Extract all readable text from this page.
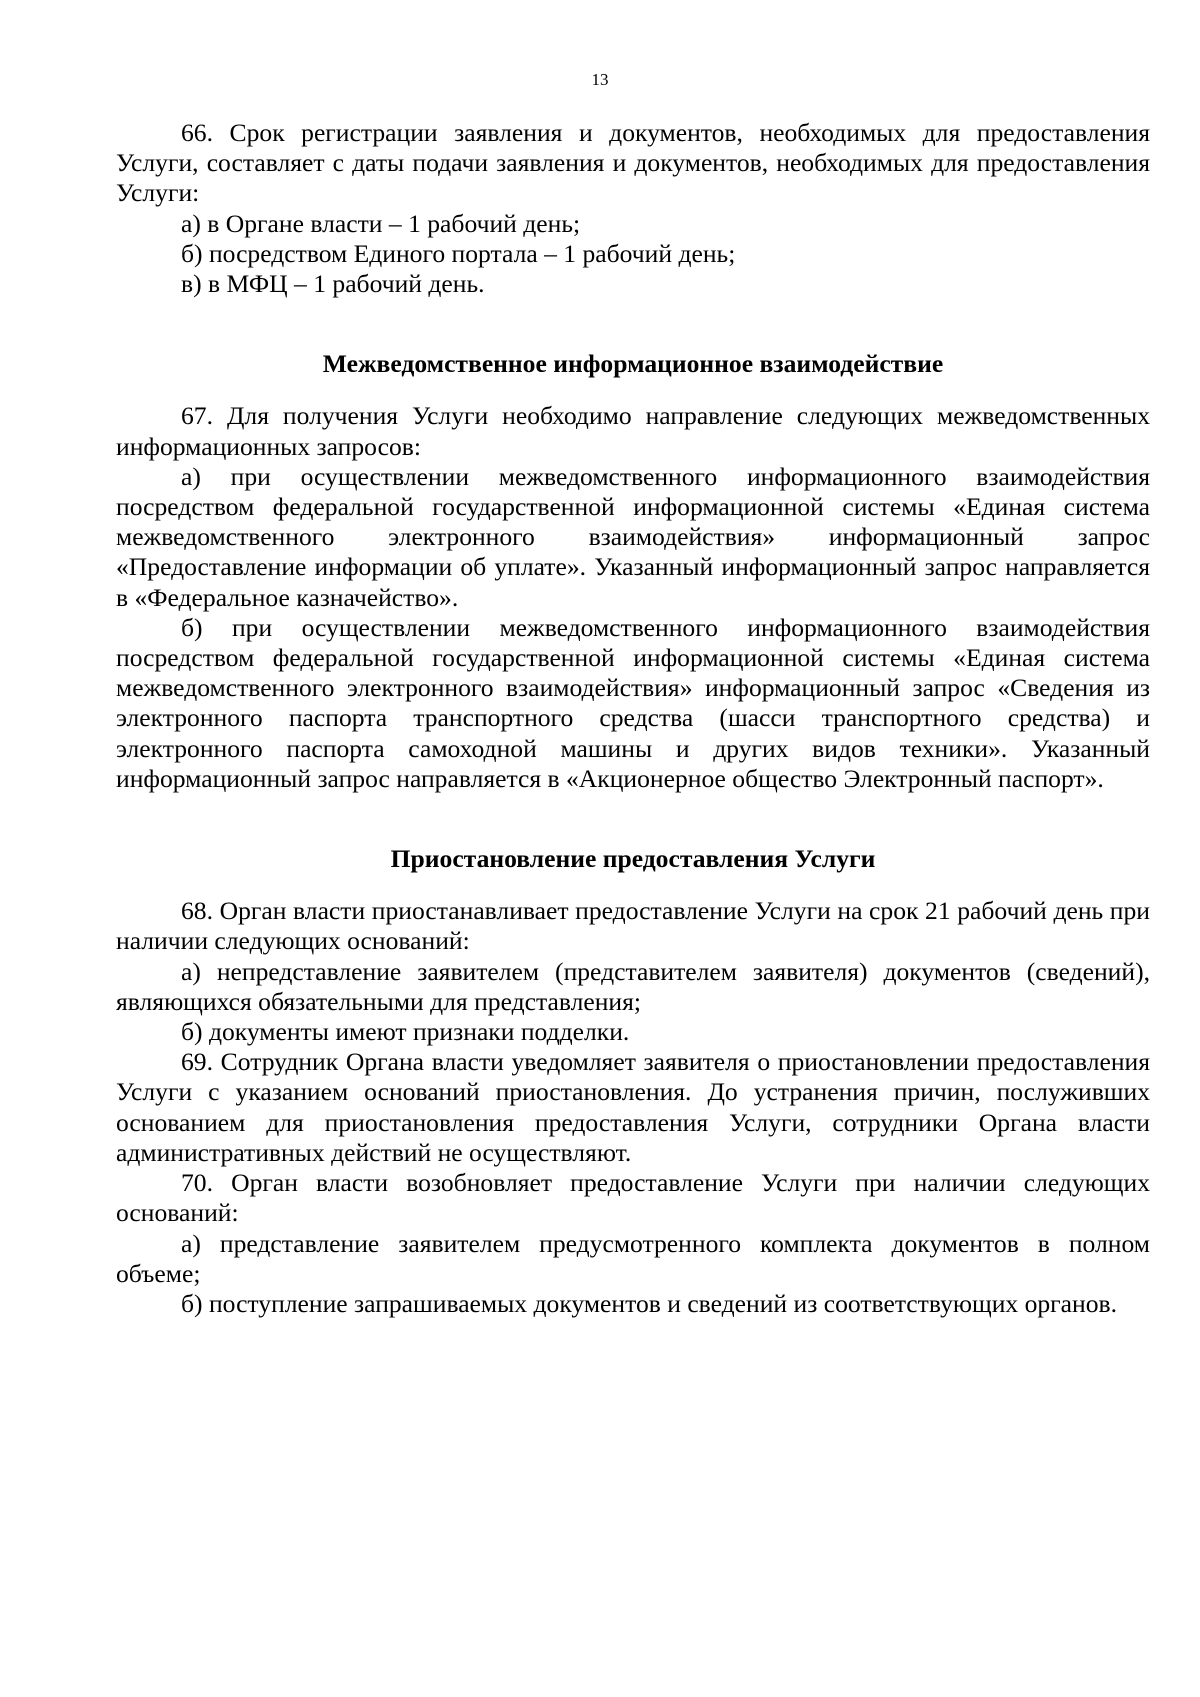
13

66. Срок регистрации заявления и документов, необходимых для предоставления Услуги, составляет с даты подачи заявления и документов, необходимых для предоставления Услуги:

а) в Органе власти – 1 рабочий день;

б) посредством Единого портала – 1 рабочий день;

в) в МФЦ – 1 рабочий день.

Межведомственное информационное взаимодействие

67. Для получения Услуги необходимо направление следующих межведомственных информационных запросов:

а) при осуществлении межведомственного информационного взаимодействия посредством федеральной государственной информационной системы «Единая система межведомственного электронного взаимодействия» информационный запрос «Предоставление информации об уплате». Указанный информационный запрос направляется в «Федеральное казначейство».

б) при осуществлении межведомственного информационного взаимодействия посредством федеральной государственной информационной системы «Единая система межведомственного электронного взаимодействия» информационный запрос «Сведения из электронного паспорта транспортного средства (шасси транспортного средства) и электронного паспорта самоходной машины и других видов техники». Указанный информационный запрос направляется в «Акционерное общество Электронный паспорт».

Приостановление предоставления Услуги

68. Орган власти приостанавливает предоставление Услуги на срок 21 рабочий день при наличии следующих оснований:

а) непредставление заявителем (представителем заявителя) документов (сведений), являющихся обязательными для представления;

б) документы имеют признаки подделки.

69. Сотрудник Органа власти уведомляет заявителя о приостановлении предоставления Услуги с указанием оснований приостановления. До устранения причин, послуживших основанием для приостановления предоставления Услуги, сотрудники Органа власти административных действий не осуществляют.

70. Орган власти возобновляет предоставление Услуги при наличии следующих оснований:

а) представление заявителем предусмотренного комплекта документов в полном объеме;

б) поступление запрашиваемых документов и сведений из соответствующих органов.
